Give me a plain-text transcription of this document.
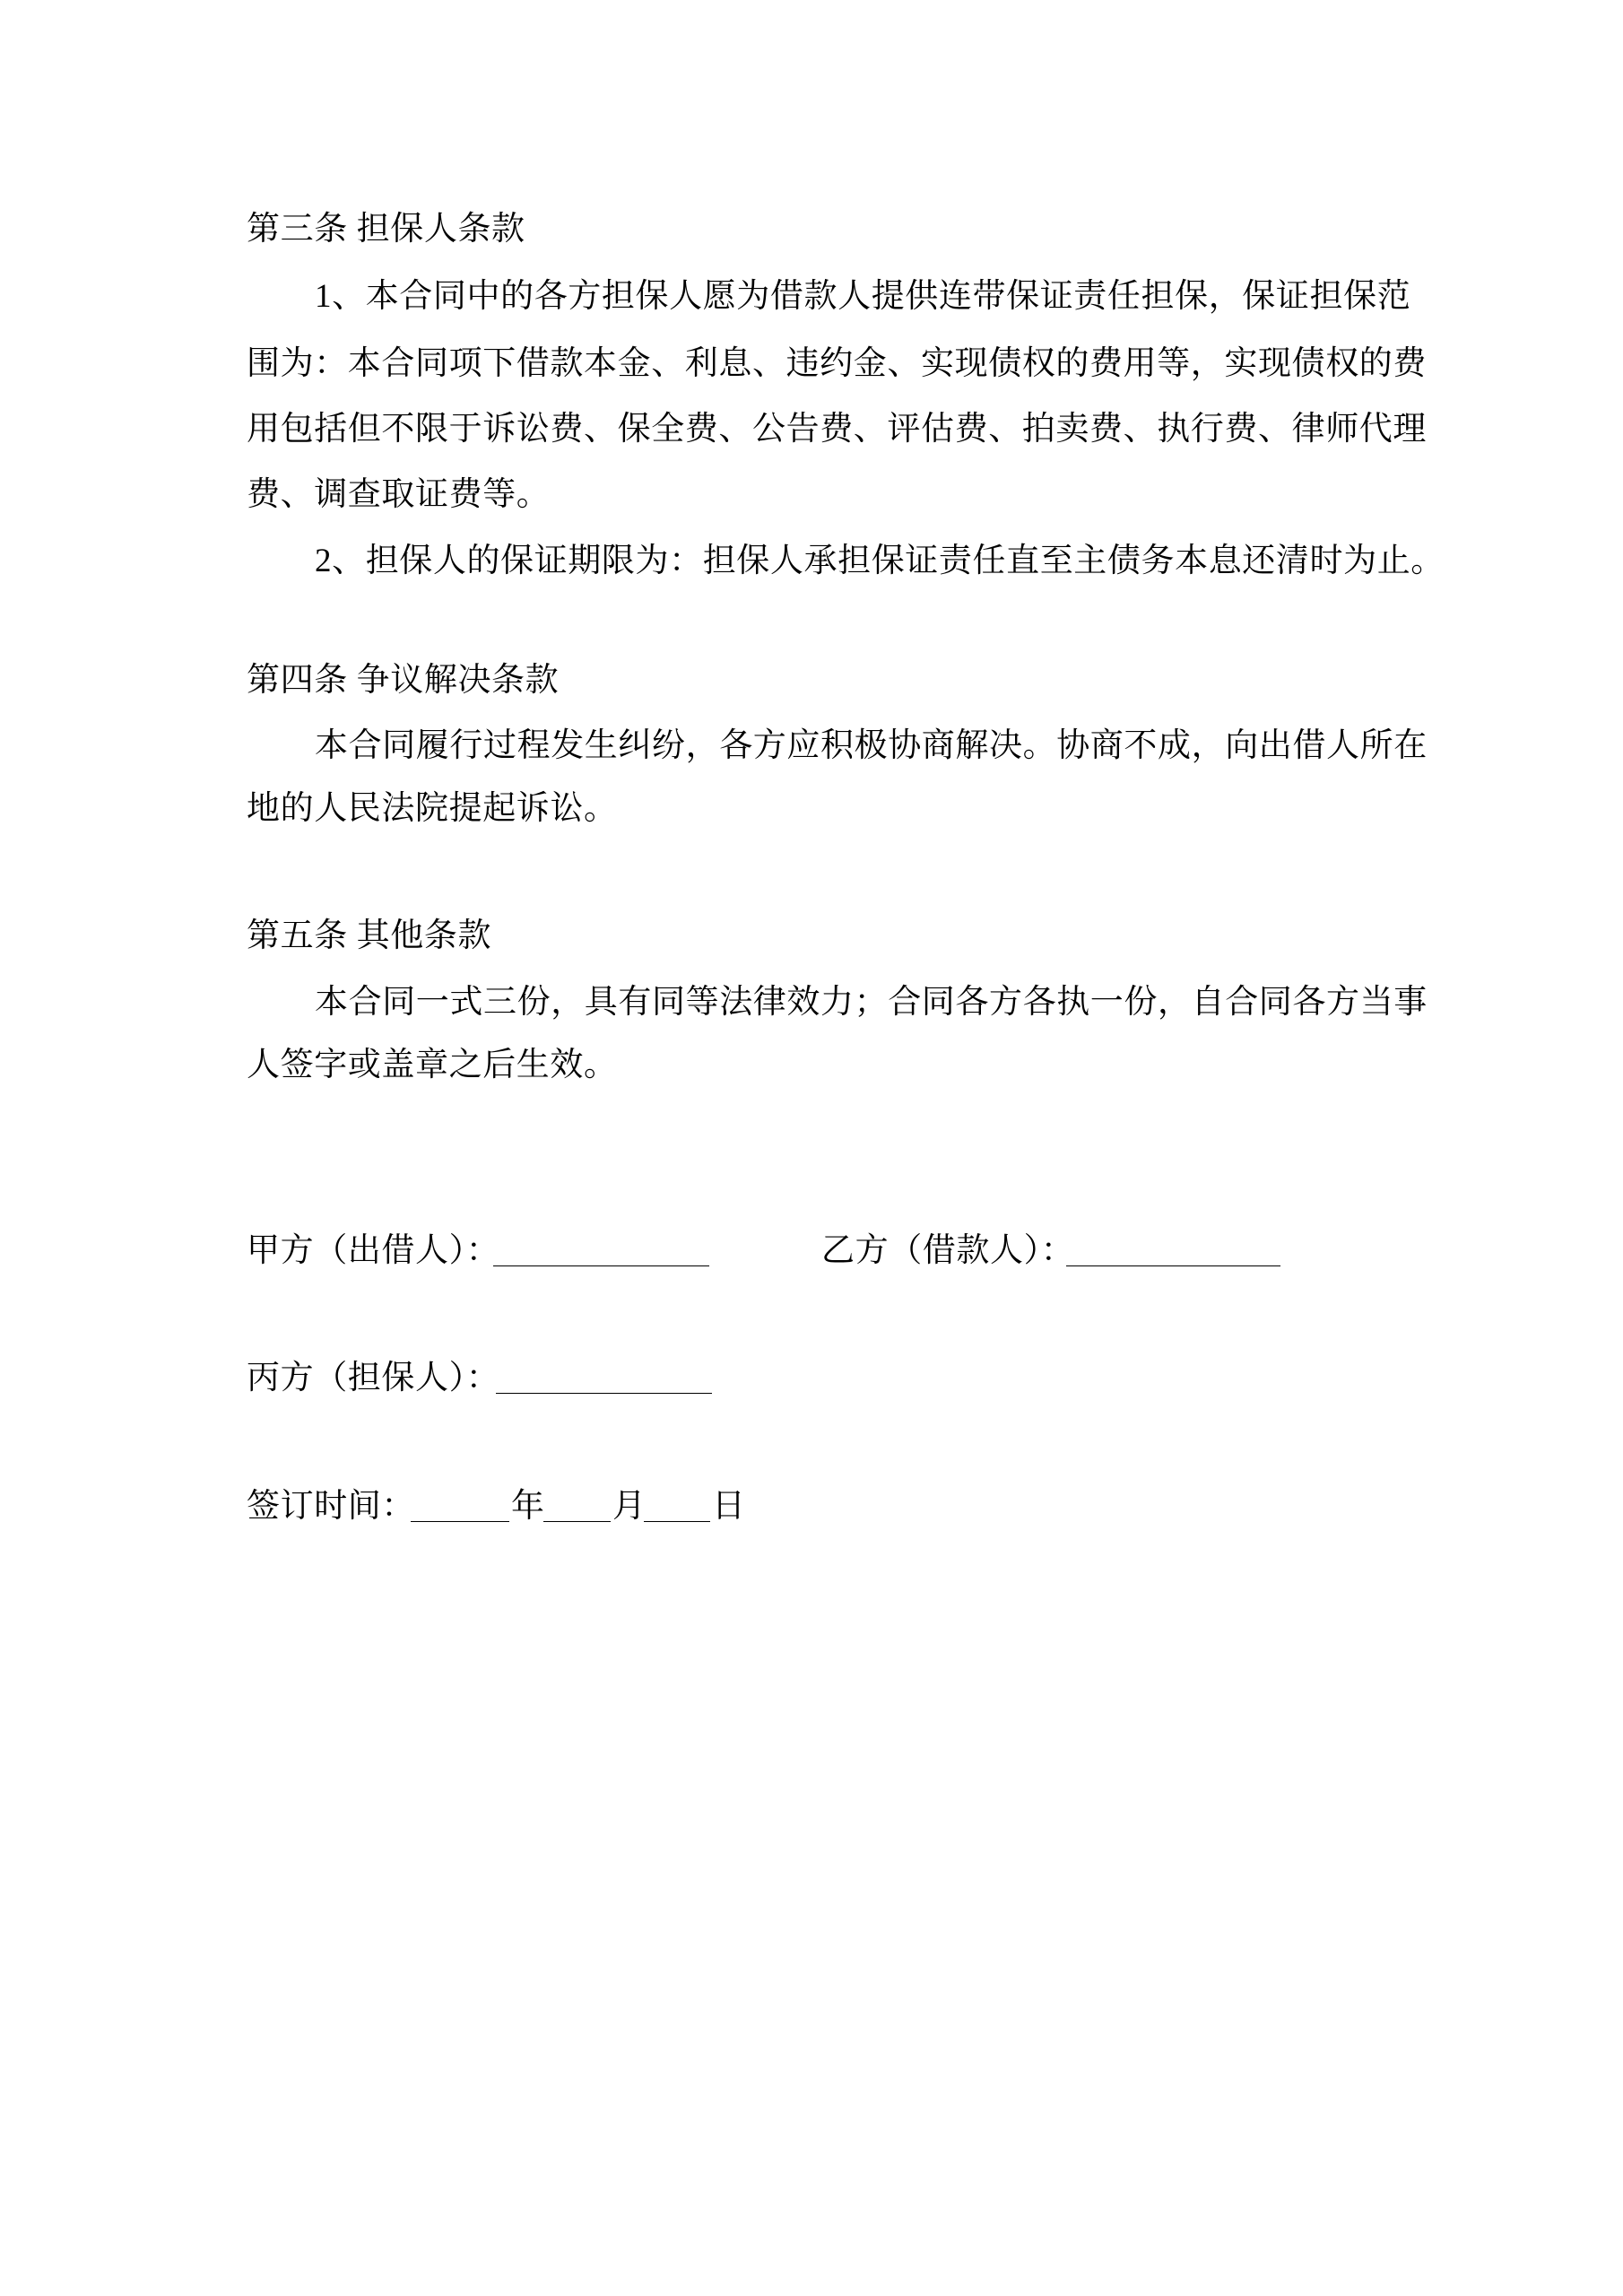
第三条 担保人条款
1、本合同中的各方担保人愿为借款人提供连带保证责任担保，保证担保范
围为：本合同项下借款本金、利息、违约金、实现债权的费用等，实现债权的费
用包括但不限于诉讼费、保全费、公告费、评估费、拍卖费、执行费、律师代理
费、调查取证费等。
2、担保人的保证期限为：担保人承担保证责任直至主债务本息还清时为止。
第四条 争议解决条款
本合同履行过程发生纠纷，各方应积极协商解决。协商不成，向出借人所在
地的人民法院提起诉讼。
第五条 其他条款
本合同一式三份，具有同等法律效力；合同各方各执一份，自合同各方当事
人签字或盖章之后生效。
甲方（出借人）：	乙方（借款人）：
丙方（担保人）：
签订时间：	年 月 日
